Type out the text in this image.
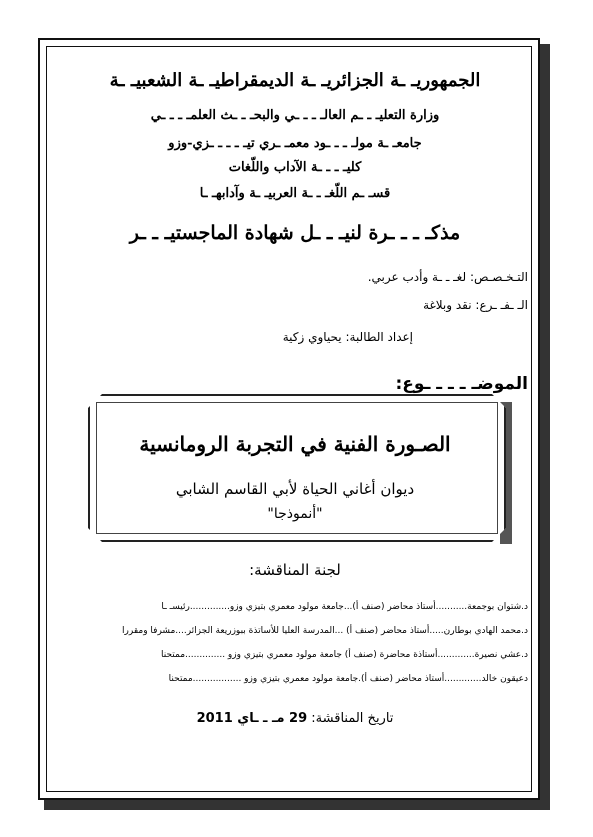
الجمهوريـ ـة الجزائريـ ـة الديمقراطيـ ـة الشعبيـ ـة
وزارة التعليـ ـ ـم العالـ ـ ـ ـي والبحـ ـ ـث العلمـ ـ ـ ـي
جامعـ ـة مولـ ـ ـ ـود معمـ ـري تيـ ـ ـ ـ ـزي-وزو
كليـ ـ ـ ـة الآداب واللّغات
قسـ ـم اللّغـ ـ ـة العربيـ ـة وآدابهـ ـا
مذكـ ـ ـ ـرة لنيـ ـ ـل شهادة الماجستيـ ـ ـر
التـخـصـص: لغـ ـ ـة وأدب عربي.
الـ ـفـ ـرع: نقد وبلاغة
إعداد الطالبة: يحياوي زكية
الموضـ ـ ـ ـ ـوع:
الصـورة الفنية في التجربة الرومانسية
ديوان أغاني الحياة لأبي القاسم الشابي
"أنموذجا"
لجنة المناقشة:
د.شتوان بوجمعة...........أستاذ محاضر (صنف أ)...جامعة مولود معمري بتيزي وزو..............رئيسـ ـا
د.محمد الهادي بوطارن.....أستاذ محاضر (صنف أ) ...المدرسة العليا للأساتذة ببوزريعة الجزائر....مشرفا ومقررا
د.عشي نصيرة.............أستاذة محاضرة (صنف أ) جامعة مولود معمري بتيزي وزو ..............ممتحنا
دعيقون خالد.............أستاذ محاضر (صنف أ).جامعة مولود معمري بتيزي وزو .................ممتحنا
تاريخ المناقشة: 29 مـ ـ ـاي 2011
